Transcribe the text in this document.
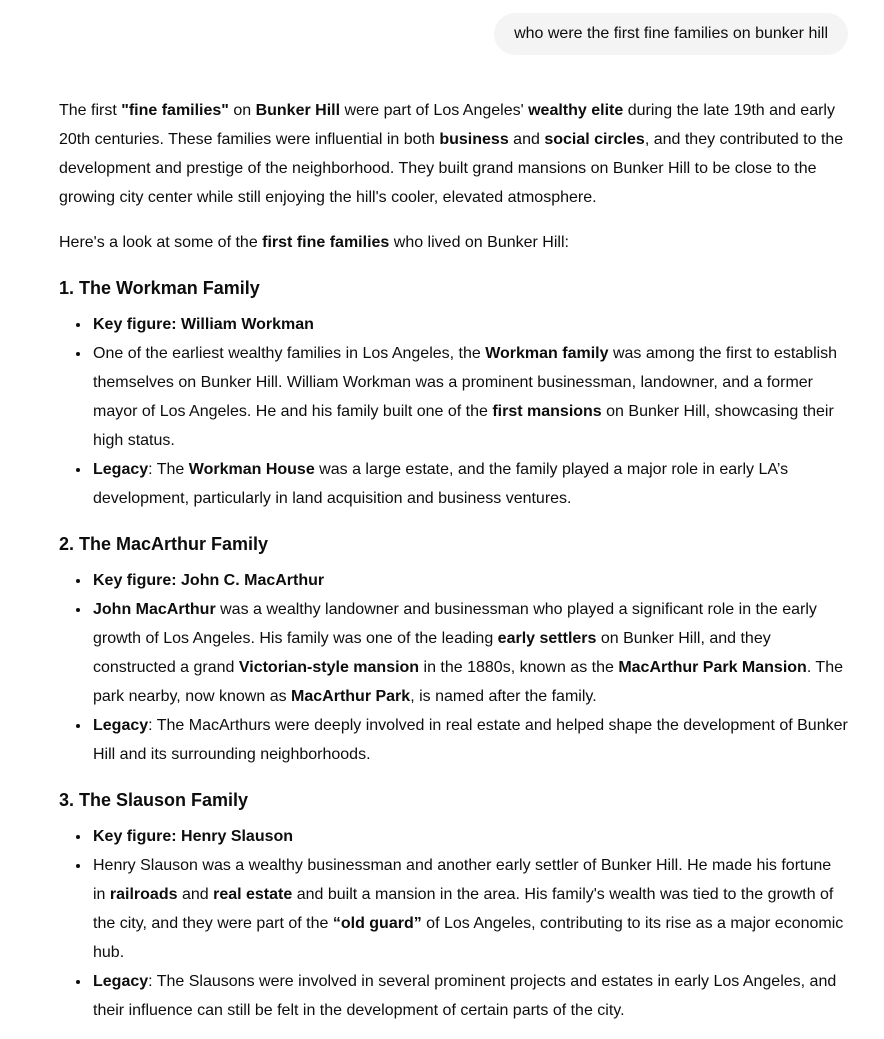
who were the first fine families on bunker hill

The first "fine families" on Bunker Hill were part of Los Angeles' wealthy elite during the late 19th and early 20th centuries. These families were influential in both business and social circles, and they contributed to the development and prestige of the neighborhood. They built grand mansions on Bunker Hill to be close to the growing city center while still enjoying the hill's cooler, elevated atmosphere.

Here's a look at some of the first fine families who lived on Bunker Hill:

1. The Workman Family
• Key figure: William Workman
• One of the earliest wealthy families in Los Angeles, the Workman family was among the first to establish themselves on Bunker Hill. William Workman was a prominent businessman, landowner, and a former mayor of Los Angeles. He and his family built one of the first mansions on Bunker Hill, showcasing their high status.
• Legacy: The Workman House was a large estate, and the family played a major role in early LA’s development, particularly in land acquisition and business ventures.
2. The MacArthur Family
• Key figure: John C. MacArthur
• John MacArthur was a wealthy landowner and businessman who played a significant role in the early growth of Los Angeles. His family was one of the leading early settlers on Bunker Hill, and they constructed a grand Victorian-style mansion in the 1880s, known as the MacArthur Park Mansion. The park nearby, now known as MacArthur Park, is named after the family.
• Legacy: The MacArthurs were deeply involved in real estate and helped shape the development of Bunker Hill and its surrounding neighborhoods.
3. The Slauson Family
• Key figure: Henry Slauson
• Henry Slauson was a wealthy businessman and another early settler of Bunker Hill. He made his fortune in railroads and real estate and built a mansion in the area. His family's wealth was tied to the growth of the city, and they were part of the “old guard” of Los Angeles, contributing to its rise as a major economic hub.
• Legacy: The Slausons were involved in several prominent projects and estates in early Los Angeles, and their influence can still be felt in the development of certain parts of the city.
